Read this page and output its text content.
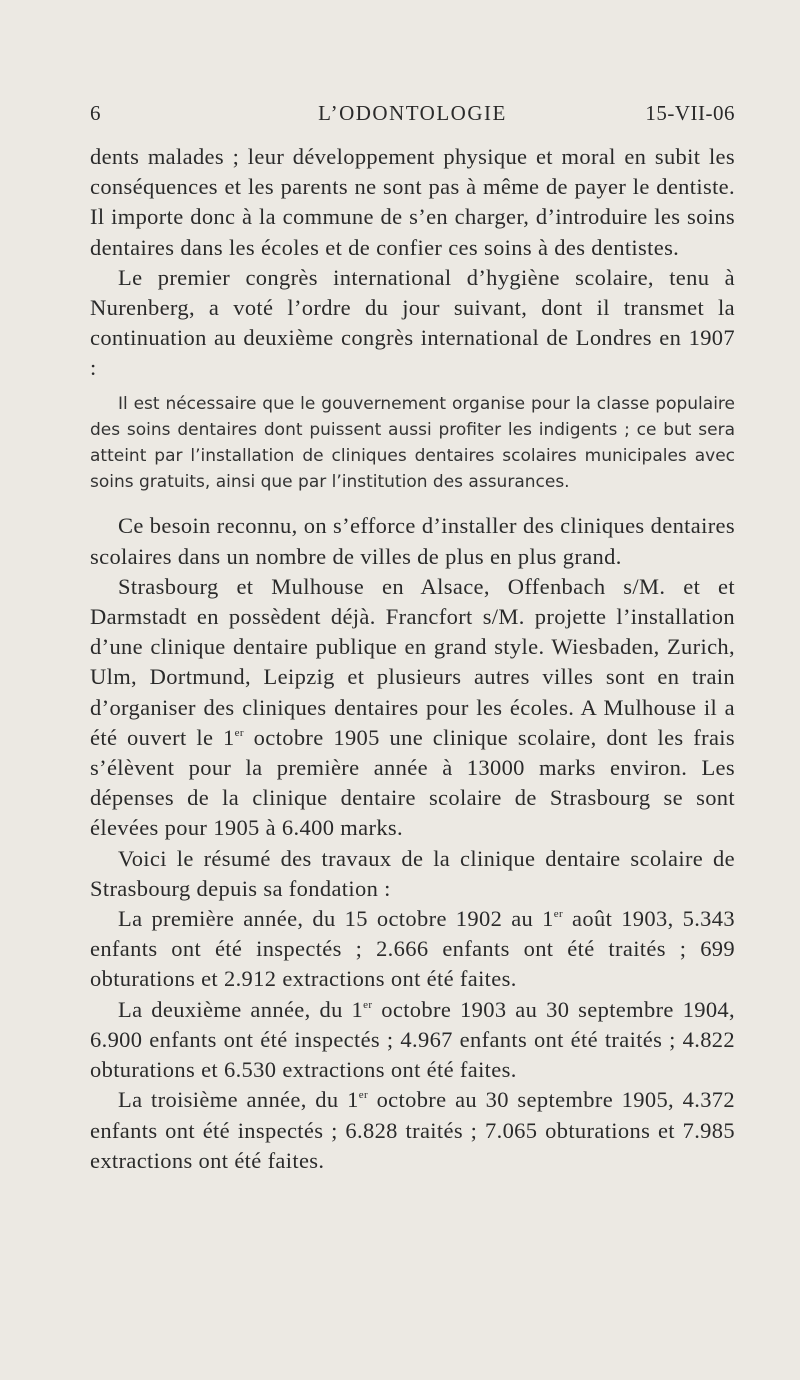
6	L’ODONTOLOGIE	15-VII-06

dents malades ; leur développement physique et moral en subit les conséquences et les parents ne sont pas à même de payer le dentiste. Il importe donc à la commune de s’en charger, d’introduire les soins dentaires dans les écoles et de confier ces soins à des dentistes.

Le premier congrès international d’hygiène scolaire, tenu à Nurenberg, a voté l’ordre du jour suivant, dont il transmet la continuation au deuxième congrès international de Londres en 1907 :

Il est nécessaire que le gouvernement organise pour la classe populaire des soins dentaires dont puissent aussi profiter les indigents ; ce but sera atteint par l’installation de cliniques dentaires scolaires municipales avec soins gratuits, ainsi que par l’institution des assurances.

Ce besoin reconnu, on s’efforce d’installer des cliniques dentaires scolaires dans un nombre de villes de plus en plus grand.

Strasbourg et Mulhouse en Alsace, Offenbach s/M. et et Darmstadt en possèdent déjà. Francfort s/M. projette l’installation d’une clinique dentaire publique en grand style. Wiesbaden, Zurich, Ulm, Dortmund, Leipzig et plusieurs autres villes sont en train d’organiser des cliniques dentaires pour les écoles. A Mulhouse il a été ouvert le 1er octobre 1905 une clinique scolaire, dont les frais s’élèvent pour la première année à 13000 marks environ. Les dépenses de la clinique dentaire scolaire de Strasbourg se sont élevées pour 1905 à 6.400 marks.

Voici le résumé des travaux de la clinique dentaire scolaire de Strasbourg depuis sa fondation :

La première année, du 15 octobre 1902 au 1er août 1903, 5.343 enfants ont été inspectés ; 2.666 enfants ont été traités ; 699 obturations et 2.912 extractions ont été faites.

La deuxième année, du 1er octobre 1903 au 30 septembre 1904, 6.900 enfants ont été inspectés ; 4.967 enfants ont été traités ; 4.822 obturations et 6.530 extractions ont été faites.

La troisième année, du 1er octobre au 30 septembre 1905, 4.372 enfants ont été inspectés ; 6.828 traités ; 7.065 obturations et 7.985 extractions ont été faites.
